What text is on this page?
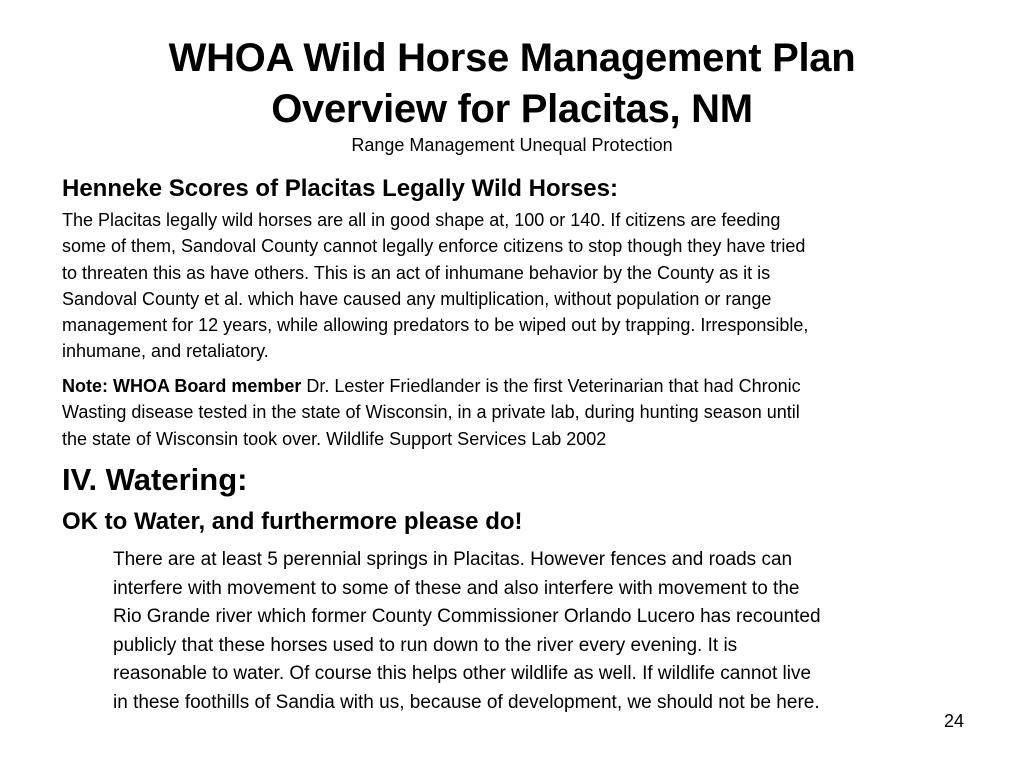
WHOA Wild Horse Management Plan
Overview for Placitas, NM
Range Management Unequal Protection
Henneke Scores of Placitas Legally Wild Horses:
The Placitas legally wild horses are all in good shape at, 100 or 140. If citizens are feeding
some of them, Sandoval County cannot legally enforce citizens to stop though they have tried
to threaten this as have others. This is an act of inhumane behavior by the County as it is
Sandoval County et al. which have caused any multiplication, without population or range
management for 12 years, while allowing predators to be wiped out by trapping. Irresponsible,
inhumane, and retaliatory.
Note: WHOA Board member Dr. Lester Friedlander is the first Veterinarian that had Chronic
Wasting disease tested in the state of Wisconsin, in a private lab, during hunting season until
the state of Wisconsin took over. Wildlife Support Services Lab 2002
IV. Watering:
OK to Water, and furthermore please do!
There are at least 5 perennial springs in Placitas. However fences and roads can
interfere with movement to some of these and also interfere with movement to the
Rio Grande river which former County Commissioner Orlando Lucero has recounted
publicly that these horses used to run down to the river every evening. It is
reasonable to water. Of course this helps other wildlife as well. If wildlife cannot live
in these foothills of Sandia with us, because of development, we should not be here.
24
